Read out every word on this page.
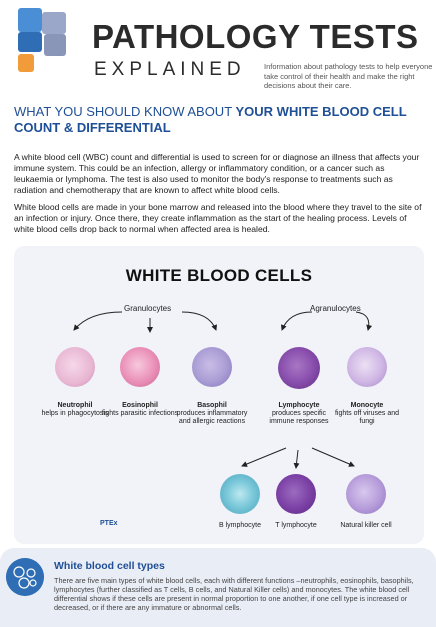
PATHOLOGY TESTS
EXPLAINED Information about pathology tests to help everyone take control of their health and make the right decisions about their care.
WHAT YOU SHOULD KNOW ABOUT YOUR WHITE BLOOD CELL COUNT & DIFFERENTIAL
A white blood cell (WBC) count and differential is used to screen for or diagnose an illness that affects your immune system. This could be an infection, allergy or inflammatory condition, or a cancer such as leukaemia or lymphoma. The test is also used to monitor the body's response to treatments such as radiation and chemotherapy that are known to affect white blood cells.
White blood cells are made in your bone marrow and released into the blood where they travel to the site of an infection or injury. Once there, they create inflammation as the start of the healing process. Levels of white blood cells drop back to normal when affected area is healed.
WHITE BLOOD CELLS
Granulocytes	Agranulocytes
Neutrophil
helps in phagocytosis
Eosinophil
fights parasitic infections
Basophil
produces inflammatory and allergic reactions
Lymphocyte
produces specific immune responses
Monocyte
fights off viruses and fungi
B lymphocyte	T lymphocyte	Natural killer cell
PTEx
White blood cell types
There are five main types of white blood cells, each with different functions –neutrophils, eosinophils, basophils, lymphocytes (further classified as T cells, B cells, and Natural Killer cells) and monocytes. The white blood cell differential shows if these cells are present in normal proportion to one another, if one cell type is increased or decreased, or if there are any immature or abnormal cells.
